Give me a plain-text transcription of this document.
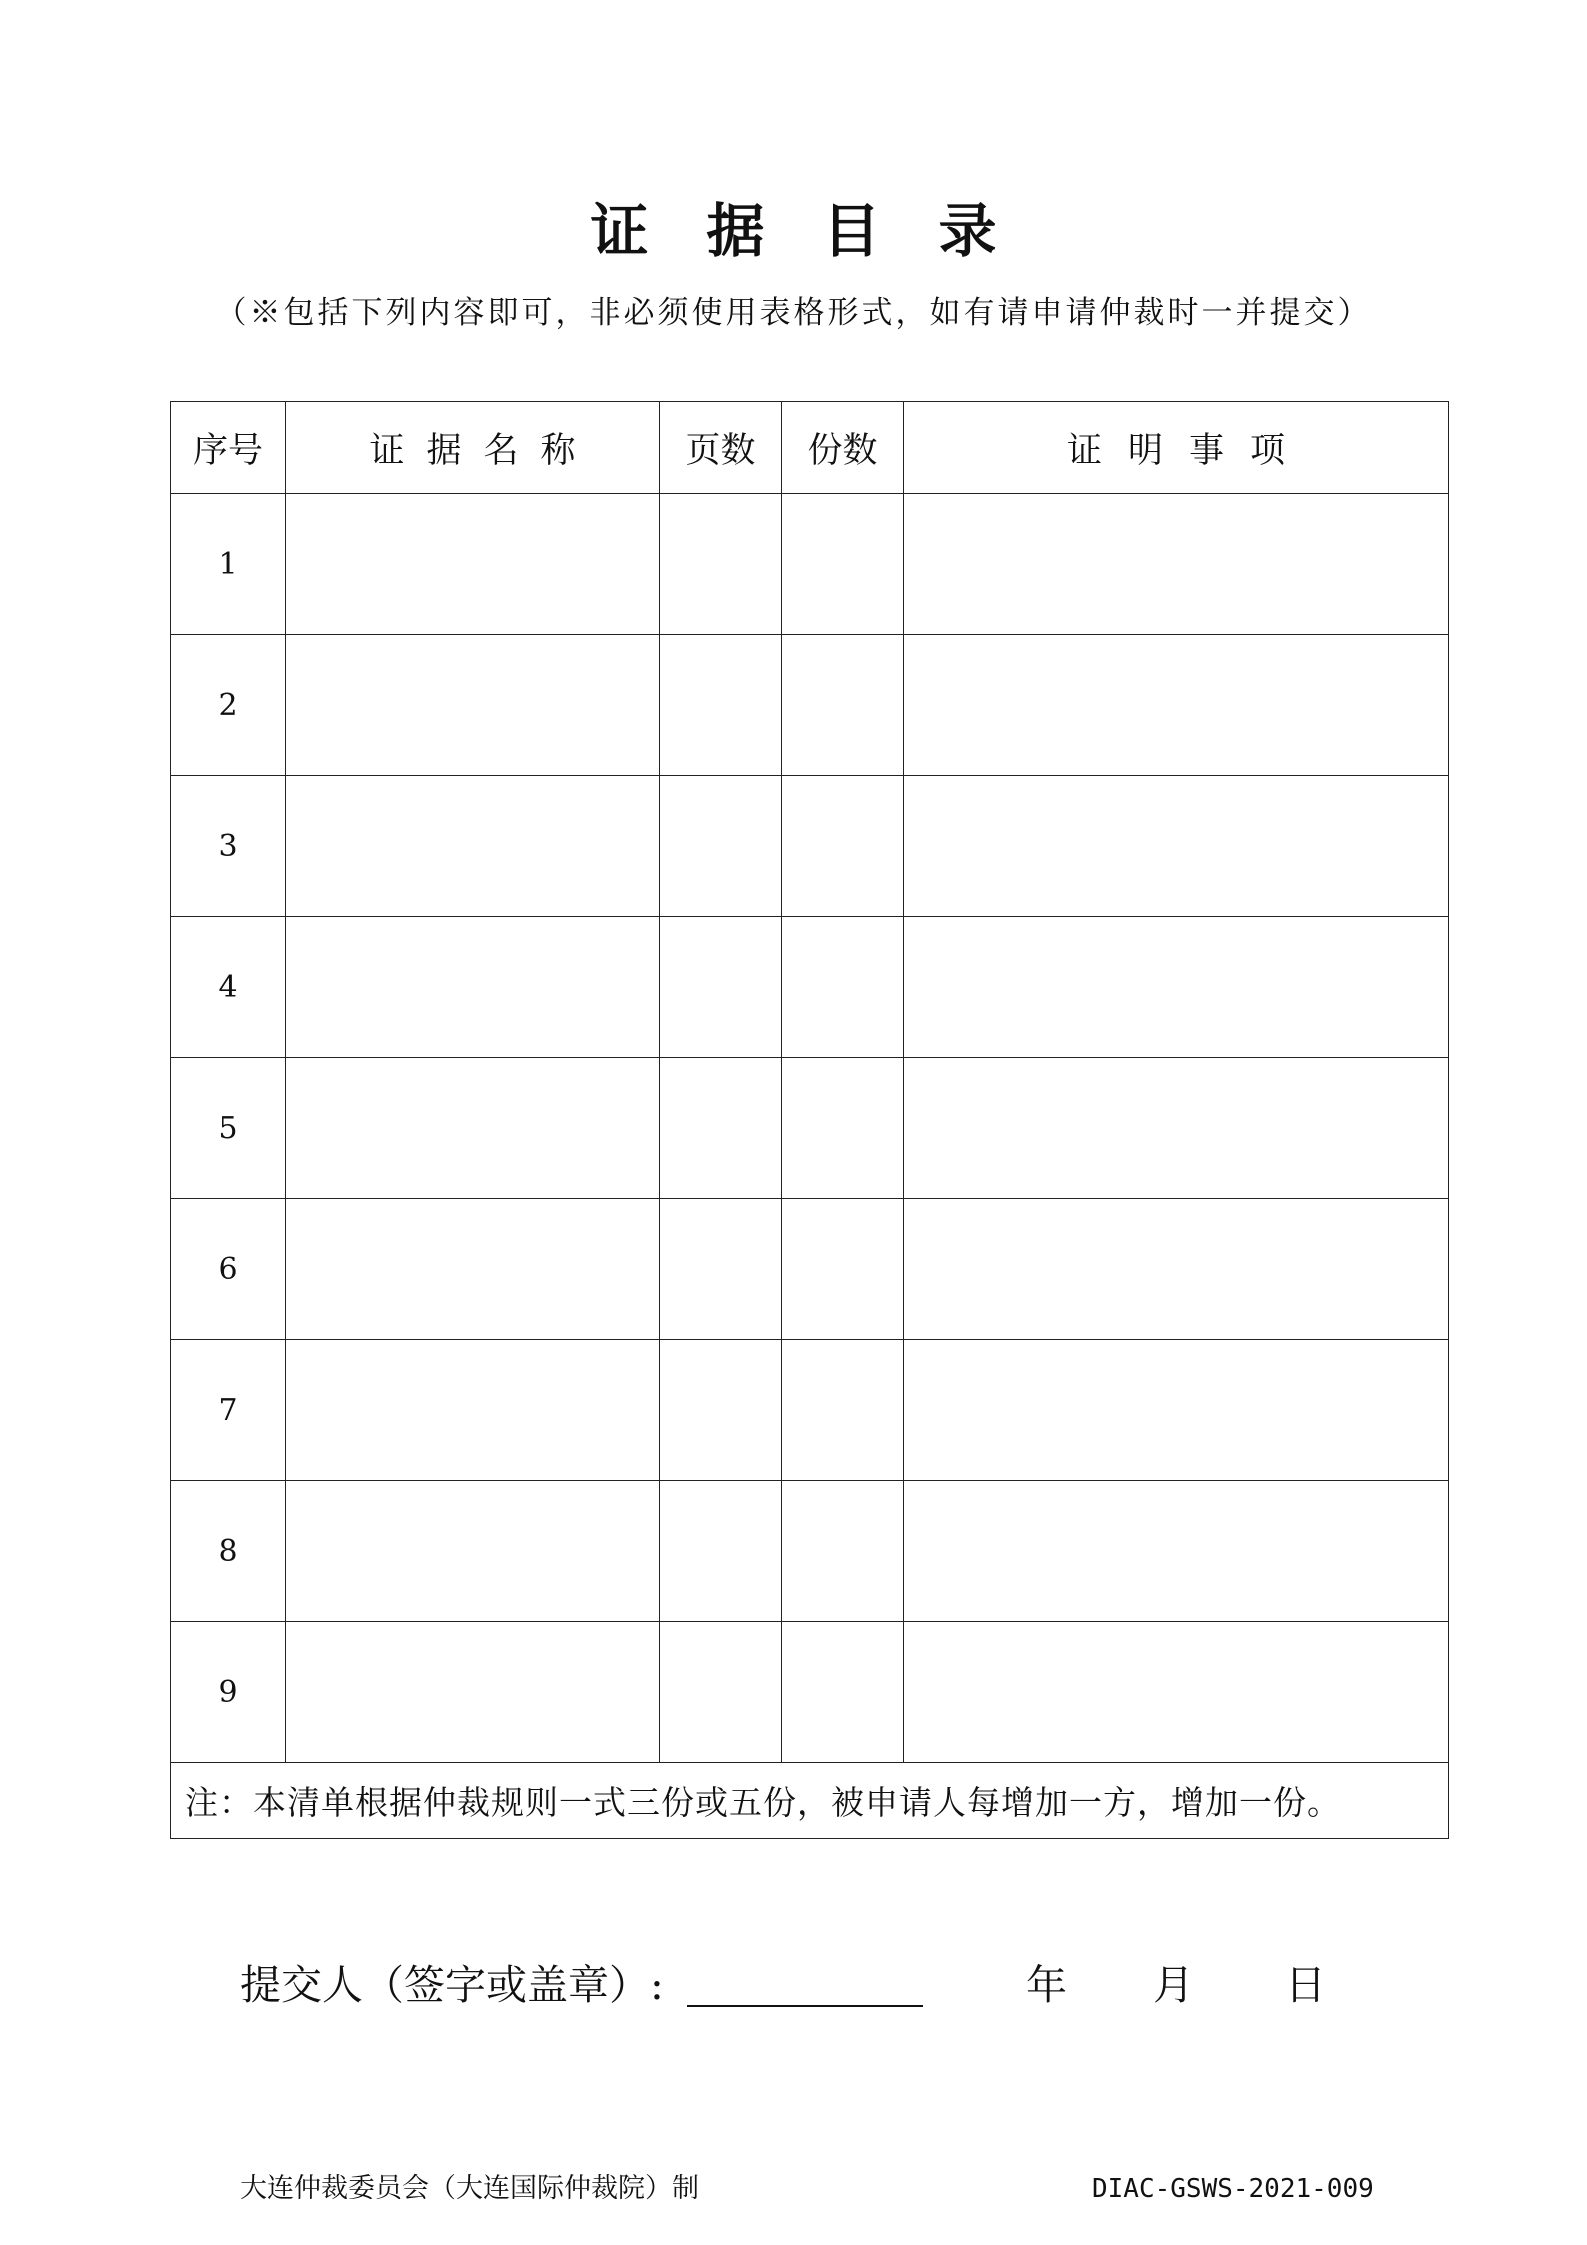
证据目录
（※包括下列内容即可，非必须使用表格形式，如有请申请仲裁时一并提交）
序号	证据名称	页数	份数	证明事项
1				
2				
3				
4				
5				
6				
7				
8				
9				
注：本清单根据仲裁规则一式三份或五份，被申请人每增加一方，增加一份。				
提交人（签字或盖章）:	年 月 日
大连仲裁委员会（大连国际仲裁院）制	DIAC-GSWS-2021-009
